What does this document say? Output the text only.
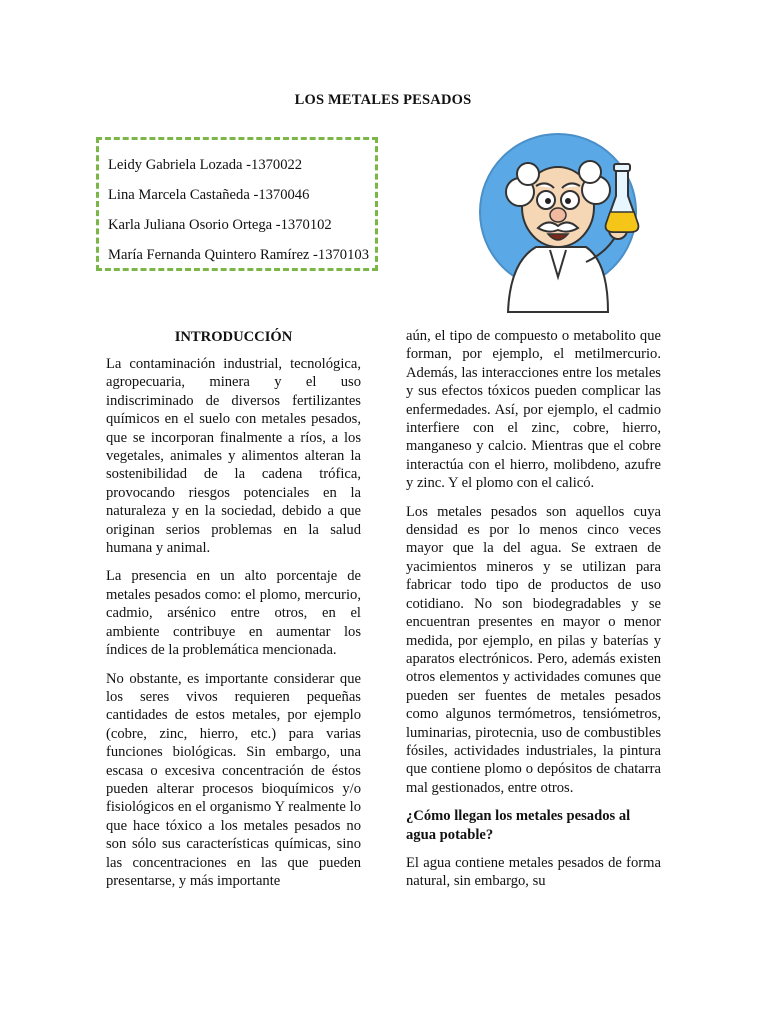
LOS METALES PESADOS
Leidy Gabriela Lozada -1370022
Lina Marcela Castañeda -1370046
Karla Juliana Osorio Ortega -1370102
María Fernanda Quintero Ramírez -1370103
INTRODUCCIÓN

La contaminación industrial, tecnológica, agropecuaria, minera y el uso indiscriminado de diversos fertilizantes químicos en el suelo con metales pesados, que se incorporan finalmente a ríos, a los vegetales, animales y alimentos alteran la sostenibilidad de la cadena trófica, provocando riesgos potenciales en la naturaleza y en la sociedad, debido a que originan serios problemas en la salud humana y animal.

La presencia en un alto porcentaje de metales pesados como: el plomo, mercurio, cadmio, arsénico entre otros, en el ambiente contribuye en aumentar los índices de la problemática mencionada.

No obstante, es importante considerar que los seres vivos requieren pequeñas cantidades de estos metales, por ejemplo (cobre, zinc, hierro, etc.) para varias funciones biológicas. Sin embargo, una escasa o excesiva concentración de éstos pueden alterar procesos bioquímicos y/o fisiológicos en el organismo Y realmente lo que hace tóxico a los metales pesados no son sólo sus características químicas, sino las concentraciones en las que pueden presentarse, y más importante

aún, el tipo de compuesto o metabolito que forman, por ejemplo, el metilmercurio. Además, las interacciones entre los metales y sus efectos tóxicos pueden complicar las enfermedades. Así, por ejemplo, el cadmio interfiere con el zinc, cobre, hierro, manganeso y calcio. Mientras que el cobre interactúa con el hierro, molibdeno, azufre y zinc. Y el plomo con el calicó.

Los metales pesados son aquellos cuya densidad es por lo menos cinco veces mayor que la del agua. Se extraen de yacimientos mineros y se utilizan para fabricar todo tipo de productos de uso cotidiano. No son biodegradables y se encuentran presentes en mayor o menor medida, por ejemplo, en pilas y baterías y aparatos electrónicos. Pero, además existen otros elementos y actividades comunes que pueden ser fuentes de metales pesados como algunos termómetros, tensiómetros, luminarias, pirotecnia, uso de combustibles fósiles, actividades industriales, la pintura que contiene plomo o depósitos de chatarra mal gestionados, entre otros.

¿Cómo llegan los metales pesados al agua potable?

El agua contiene metales pesados de forma natural, sin embargo, su
